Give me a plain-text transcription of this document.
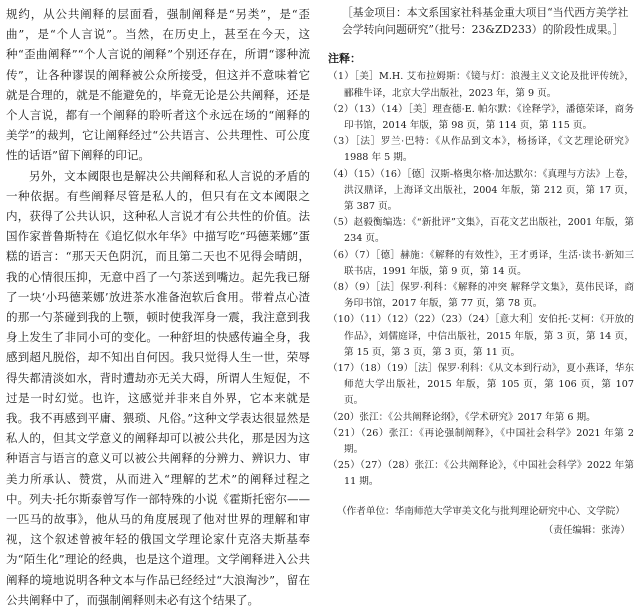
规约，从公共阐释的层面看，强制阐释是“另类”，是“歪曲”，是“个人言说”。当然，在历史上，甚至在今天，这种“歪曲阐释”“个人言说的阐释”个别还存在，所谓“谬种流传”，让各种谬误的阐释被公众所接受，但这并不意味着它就是合理的，就是不能避免的，毕竟无论是公共阐释，还是个人言说，都有一个阐释的聆听者这个永远在场的“阐释的美学”的裁判，它让阐释经过“公共语言、公共理性、可公度性的话语”留下阐释的印记。

另外，文本阈限也是解决公共阐释和私人言说的矛盾的一种依据。有些阐释尽管是私人的，但只有在文本阈限之内，获得了公共认识，这种私人言说才有公共性的价值。法国作家普鲁斯特在《追忆似水年华》中描写吃“玛德莱娜”蛋糕的语言：“那天天色阴沉，而且第二天也不见得会晴朗，我的心情很压抑，无意中舀了一勺茶送到嘴边。起先我已掰了一块‘小玛德莱娜’放进茶水准备泡软后食用。带着点心渣的那一勺茶碰到我的上颚，顿时使我浑身一震，我注意到我身上发生了非同小可的变化。一种舒坦的快感传遍全身，我感到超凡脱俗，却不知出自何因。我只觉得人生一世，荣辱得失都清淡如水，背时遭劫亦无关大碍，所谓人生短促，不过是一时幻觉。也许，这感觉并非来自外界，它本来就是我。我不再感到平庸、猥琐、凡俗。”这种文学表达很显然是私人的，但其文学意义的阐释却可以被公共化，那是因为这种语言与语言的意义可以被公共阐释的分辨力、辨识力、审美力所承认、赞赏，从而进入“理解的艺术”的阐释过程之中。列夫·托尔斯泰曾写作一部特殊的小说《霍斯托密尔——一匹马的故事》，他从马的角度展现了他对世界的理解和审视，这个叙述曾被年轻的俄国文学理论家什克洛夫斯基奉为“陌生化”理论的经典，也是这个道理。文学阐释进入公共阐释的境地说明各种文本与作品已经经过“大浪淘沙”，留在公共阐释中了，而强制阐释则未必有这个结果了。

［基金项目：本文系国家社科基金重大项目“当代西方美学社会学转向问题研究”（批号：23&ZD233）的阶段性成果。］

注释：
（1）［美］M.H. 艾布拉姆斯：《镜与灯：浪漫主义文论及批评传统》，郦稚牛译，北京大学出版社，2023 年，第 9 页。
（2）（13）（14）［美］理查德·E. 帕尔默：《诠释学》，潘德荣译，商务印书馆，2014 年版，第 98 页，第 114 页，第 115 页。
（3）［法］罗兰·巴特：《从作品到文本》，杨扬译，《文艺理论研究》1988 年 5 期。
（4）（15）（16）［德］汉斯-格奥尔格·加达默尔：《真理与方法》上卷，洪汉鼎译，上海译文出版社，2004 年版，第 212 页，第 17 页，第 387 页。
（5）赵毅衡编选：《“新批评”文集》，百花文艺出版社，2001 年版，第 234 页。
（6）（7）［德］赫施：《解释的有效性》，王才勇译，生活·读书·新知三联书店，1991 年版，第 9 页，第 14 页。
（8）（9）［法］保罗·利科：《解释的冲突 解释学文集》，莫伟民译，商务印书馆，2017 年版，第 77 页，第 78 页。
（10）（11）（12）（22）（23）（24）［意大利］安伯托·艾柯：《开放的作品》，刘儒庭译，中信出版社，2015 年版，第 3 页，第 14 页，第 15 页，第 3 页，第 3 页，第 11 页。
（17）（18）（19）［法］保罗·利科：《从文本到行动》，夏小燕译，华东师范大学出版社，2015 年版，第 105 页，第 106 页，第 107 页。
（20）张江：《公共阐释论纲》，《学术研究》2017 年第 6 期。
（21）（26）张江：《再论强制阐释》，《中国社会科学》2021 年第 2 期。
（25）（27）（28）张江：《公共阐释论》，《中国社会科学》2022 年第 11 期。

（作者单位：华南师范大学审美文化与批判理论研究中心、文学院）

（责任编辑：张涛）
